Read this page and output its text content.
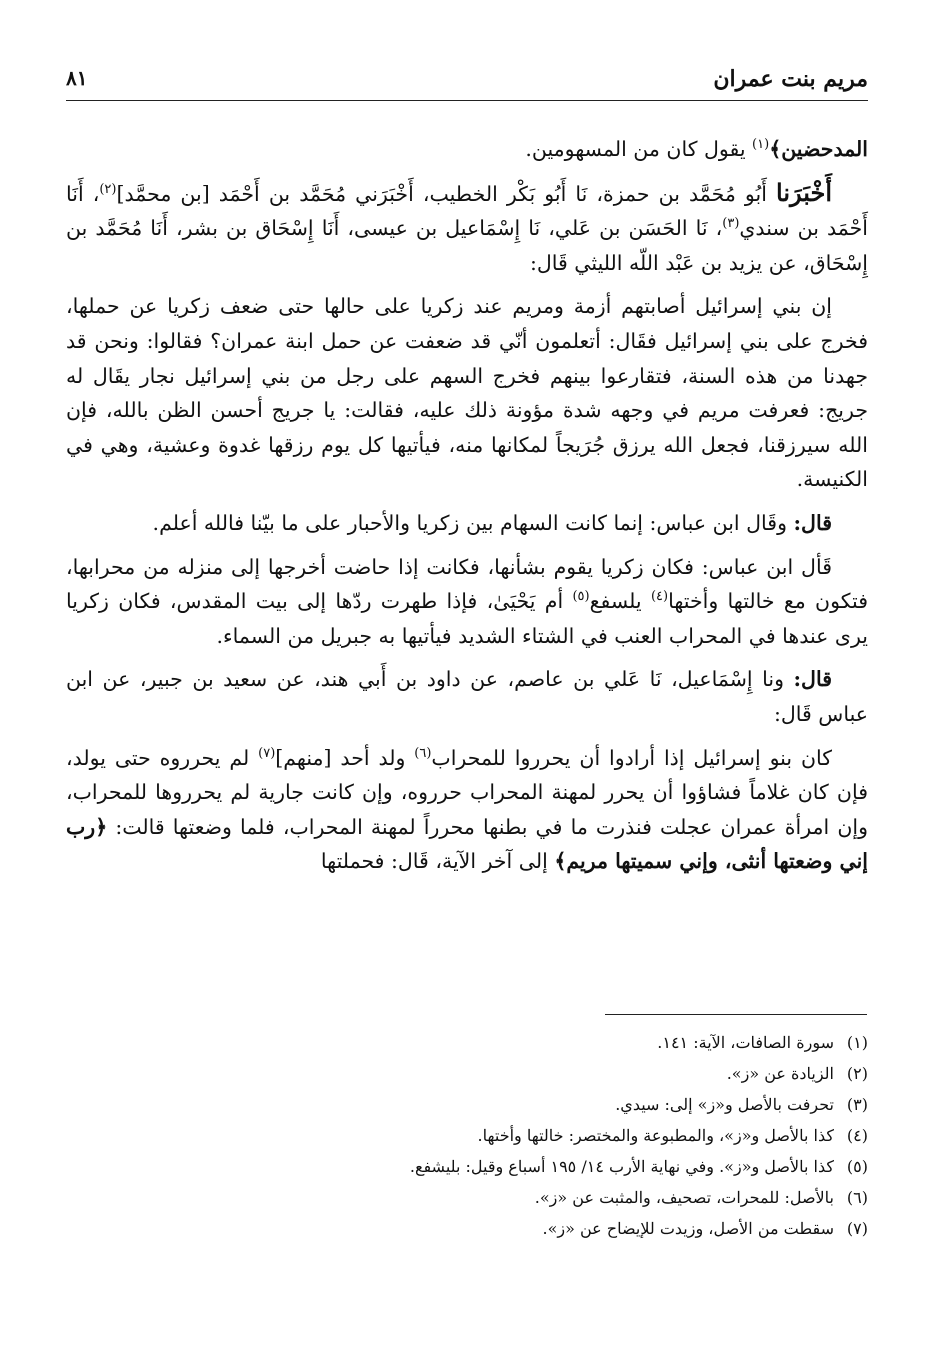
مريم بنت عمران
٨١

المدحضين﴾$^{(١)}$ يقول كان من المسهومين.

أَخْبَرَنا أَبُو مُحَمَّد بن حمزة، نَا أَبُو بَكْر الخطيب، أَخْبَرَني مُحَمَّد بن أَحْمَد [بن محمَّد]$^{(٢)}$، أَنَا أَحْمَد بن سندي$^{(٣)}$، نَا الحَسَن بن عَلي، نَا إِسْمَاعيل بن عيسى، أَنَا إِسْحَاق بن بشر، أَنَا مُحَمَّد بن إِسْحَاق، عن يزيد بن عَبْد اللّه الليثي قَال:

إن بني إسرائيل أصابتهم أزمة ومريم عند زكريا على حالها حتى ضعف زكريا عن حملها، فخرج على بني إسرائيل فقَال: أتعلمون أنّي قد ضعفت عن حمل ابنة عمران؟ فقالوا: ونحن قد جهدنا من هذه السنة، فتقارعوا بينهم فخرج السهم على رجل من بني إسرائيل نجار يقَال له جريج: فعرفت مريم في وجهه شدة مؤونة ذلك عليه، فقالت: يا جريج أحسن الظن بالله، فإن الله سيرزقنا، فجعل الله يرزق جُرَيجاً لمكانها منه، فيأتيها كل يوم رزقها غدوة وعشية، وهي في الكنيسة.

قال: وقَال ابن عباس: إنما كانت السهام بين زكريا والأحبار على ما بيّنا فالله أعلم.

قَأل ابن عباس: فكان زكريا يقوم بشأنها، فكانت إذا حاضت أخرجها إلى منزله من محرابها، فتكون مع خالتها وأختها$^{(٤)}$ يلسفع$^{(٥)}$ أم يَحْيَىٰ، فإذا طهرت ردّها إلى بيت المقدس، فكان زكريا يرى عندها في المحراب العنب في الشتاء الشديد فيأتيها به جبريل من السماء.

قال: ونا إِسْمَاعيل، نَا عَلي بن عاصم، عن داود بن أَبي هند، عن سعيد بن جبير، عن ابن عباس قَال:

كان بنو إسرائيل إذا أرادوا أن يحرروا للمحراب$^{(٦)}$ ولد أحد [منهم]$^{(٧)}$ لم يحرروه حتى يولد، فإن كان غلاماً فشاؤوا أن يحرر لمهنة المحراب حرروه، وإن كانت جارية لم يحرروها للمحراب، وإن امرأة عمران عجلت فنذرت ما في بطنها محرراً لمهنة المحراب، فلما وضعتها قالت: ﴿رب إني وضعتها أنثى، وإني سميتها مريم﴾ إلى آخر الآية، قَال: فحملتها

(١)
سورة الصافات، الآية: ١٤١.
(٢)
الزيادة عن «ز».
(٣)
تحرفت بالأصل و«ز» إلى: سيدي.
(٤)
كذا بالأصل و«ز»، والمطبوعة والمختصر: خالتها وأختها.
(٥)
كذا بالأصل و«ز». وفي نهاية الأرب ١٤/ ١٩٥ أسباع وقيل: بليشفع.
(٦)
بالأصل: للمحرات، تصحيف، والمثبت عن «ز».
(٧)
سقطت من الأصل، وزيدت للإيضاح عن «ز».
